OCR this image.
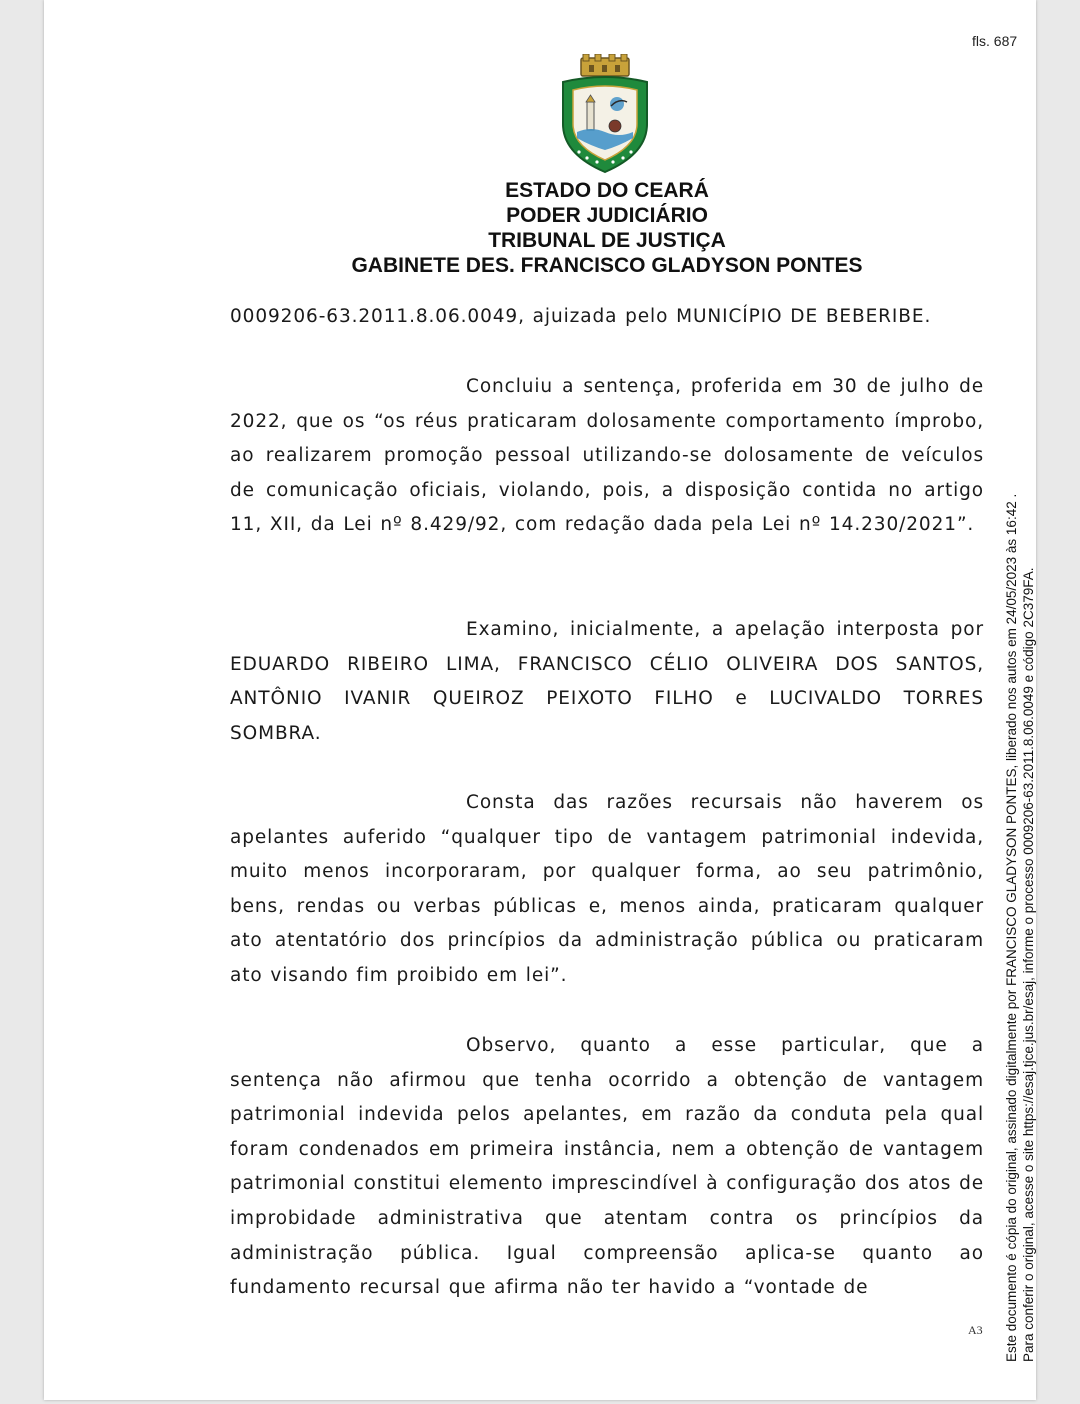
fls. 687
ESTADO DO CEARÁ
PODER JUDICIÁRIO
TRIBUNAL DE JUSTIÇA
GABINETE DES. FRANCISCO GLADYSON PONTES

0009206-63.2011.8.06.0049, ajuizada pelo MUNICÍPIO DE BEBERIBE.

Concluiu a sentença, proferida em 30 de julho de 2022, que os “os réus praticaram dolosamente comportamento ímprobo, ao realizarem promoção pessoal utilizando-se dolosamente de veículos de comunicação oficiais, violando, pois, a disposição contida no artigo 11, XII, da Lei nº 8.429/92, com redação dada pela Lei nº 14.230/2021”.

Examino, inicialmente, a apelação interposta por EDUARDO RIBEIRO LIMA, FRANCISCO CÉLIO OLIVEIRA DOS SANTOS, ANTÔNIO IVANIR QUEIROZ PEIXOTO FILHO e LUCIVALDO TORRES SOMBRA.

Consta das razões recursais não haverem os apelantes auferido “qualquer tipo de vantagem patrimonial indevida, muito menos incorporaram, por qualquer forma, ao seu patrimônio, bens, rendas ou verbas públicas e, menos ainda, praticaram qualquer ato atentatório dos princípios da administração pública ou praticaram ato visando fim proibido em lei”.

Observo, quanto a esse particular, que a sentença não afirmou que tenha ocorrido a obtenção de vantagem patrimonial indevida pelos apelantes, em razão da conduta pela qual foram condenados em primeira instância, nem a obtenção de vantagem patrimonial constitui elemento imprescindível à configuração dos atos de improbidade administrativa que atentam contra os princípios da administração pública. Igual compreensão aplica-se quanto ao fundamento recursal que afirma não ter havido a “vontade de

A3 Este documento é cópia do original, assinado digitalmente por FRANCISCO GLADYSON PONTES, liberado nos autos em 24/05/2023 às 16:42 . Para conferir o original, acesse o site https://esaj.tjce.jus.br/esaj, informe o processo 0009206-63.2011.8.06.0049 e código 2C379FA.
